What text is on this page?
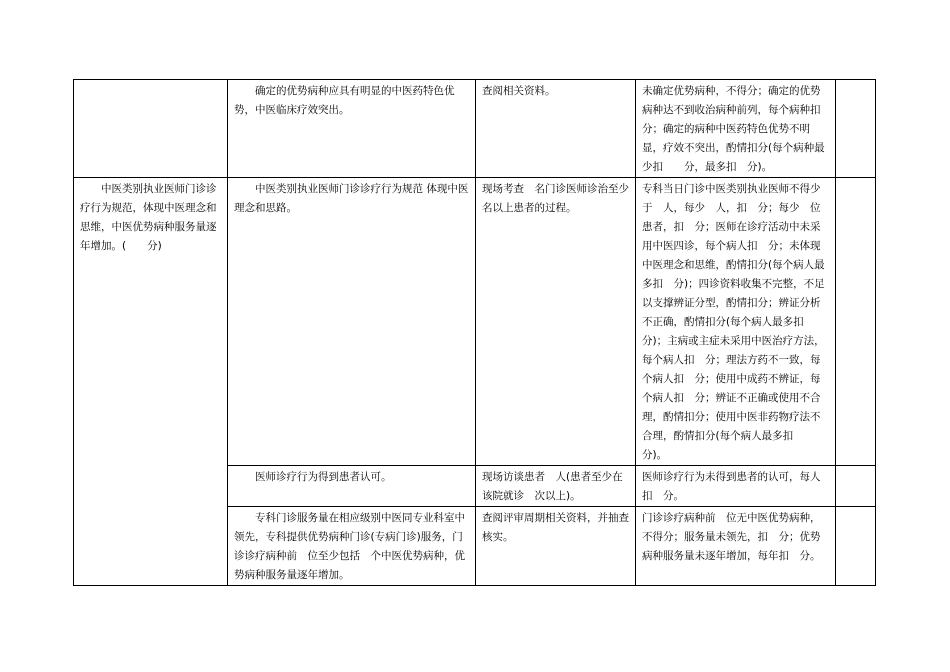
	确定的优势病种应具有明显的中医药特色优势，中医临床疗效突出。	查阅相关资料。	未确定优势病种，不得分；确定的优势病种达不到收治病种前列，每个病种扣　分；确定的病种中医药特色优势不明显，疗效不突出，酌情扣分(每个病种最少扣　　分，最多扣　分)。	
中医类别执业医师门诊诊疗行为规范，体现中医理念和思维，中医优势病种服务量逐年增加。(　　分)	中医类别执业医师门诊诊疗行为规范 体现中医理念和思路。	现场考查　名门诊医师诊治至少　名以上患者的过程。	专科当日门诊中医类别执业医师不得少于　人，每少　人，扣　分；每少　位患者，扣　分；医师在诊疗活动中未采用中医四诊，每个病人扣　分；未体现中医理念和思维，酌情扣分(每个病人最多扣　分)；四诊资料收集不完整，不足以支撑辨证分型，酌情扣分；辨证分析不正确，酌情扣分(每个病人最多扣　分)；主病或主症未采用中医治疗方法，每个病人扣　分；理法方药不一致，每个病人扣　分；使用中成药不辨证，每个病人扣　分；辨证不正确或使用不合理，酌情扣分；使用中医非药物疗法不合理，酌情扣分(每个病人最多扣　　分)。	
	医师诊疗行为得到患者认可。	现场访谈患者　人(患者至少在该院就诊　次以上)。	医师诊疗行为未得到患者的认可，每人扣　分。	
	专科门诊服务量在相应级别中医同专业科室中领先，专科提供优势病种门诊(专病门诊)服务，门诊诊疗病种前　位至少包括　个中医优势病种，优势病种服务量逐年增加。	查阅评审周期相关资料，并抽查核实。	门诊诊疗病种前　位无中医优势病种，不得分；服务量未领先，扣　分；优势病种服务量未逐年增加，每年扣　分。	
